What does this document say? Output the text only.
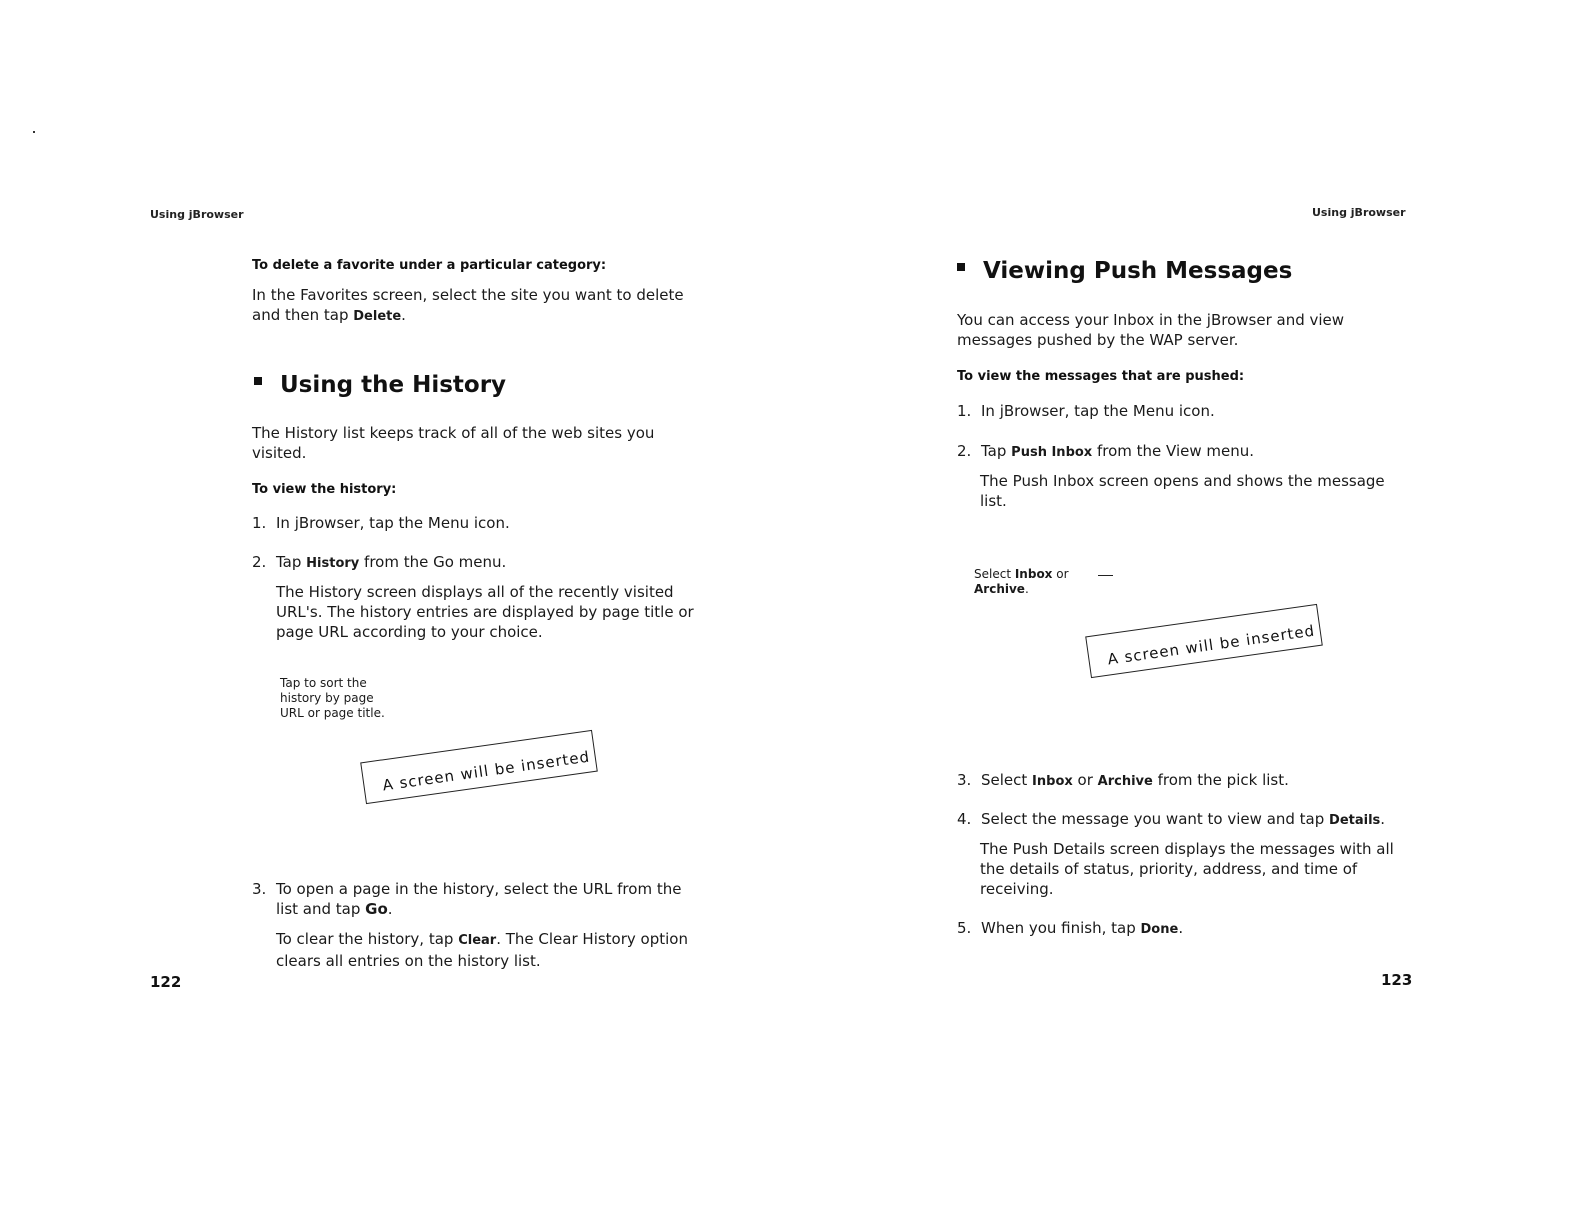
Using jBrowser
To delete a favorite under a particular category:
In the Favorites screen, select the site you want to delete and then tap Delete.
Using the History
The History list keeps track of all of the web sites you visited.
To view the history:
1. In jBrowser, tap the Menu icon.
2. Tap History from the Go menu.
The History screen displays all of the recently visited URL's. The history entries are displayed by page title or page URL according to your choice.
Tap to sort the history by page URL or page title.
A screen will be inserted
3. To open a page in the history, select the URL from the list and tap Go.
To clear the history, tap Clear. The Clear History option clears all entries on the history list.
122
Using jBrowser
Viewing Push Messages
You can access your Inbox in the jBrowser and view messages pushed by the WAP server.
To view the messages that are pushed:
1. In jBrowser, tap the Menu icon.
2. Tap Push Inbox from the View menu.
The Push Inbox screen opens and shows the message list.
Select Inbox or
Archive.
A screen will be inserted
3. Select Inbox or Archive from the pick list.
4. Select the message you want to view and tap Details.
The Push Details screen displays the messages with all the details of status, priority, address, and time of receiving.
5. When you finish, tap Done.
123
